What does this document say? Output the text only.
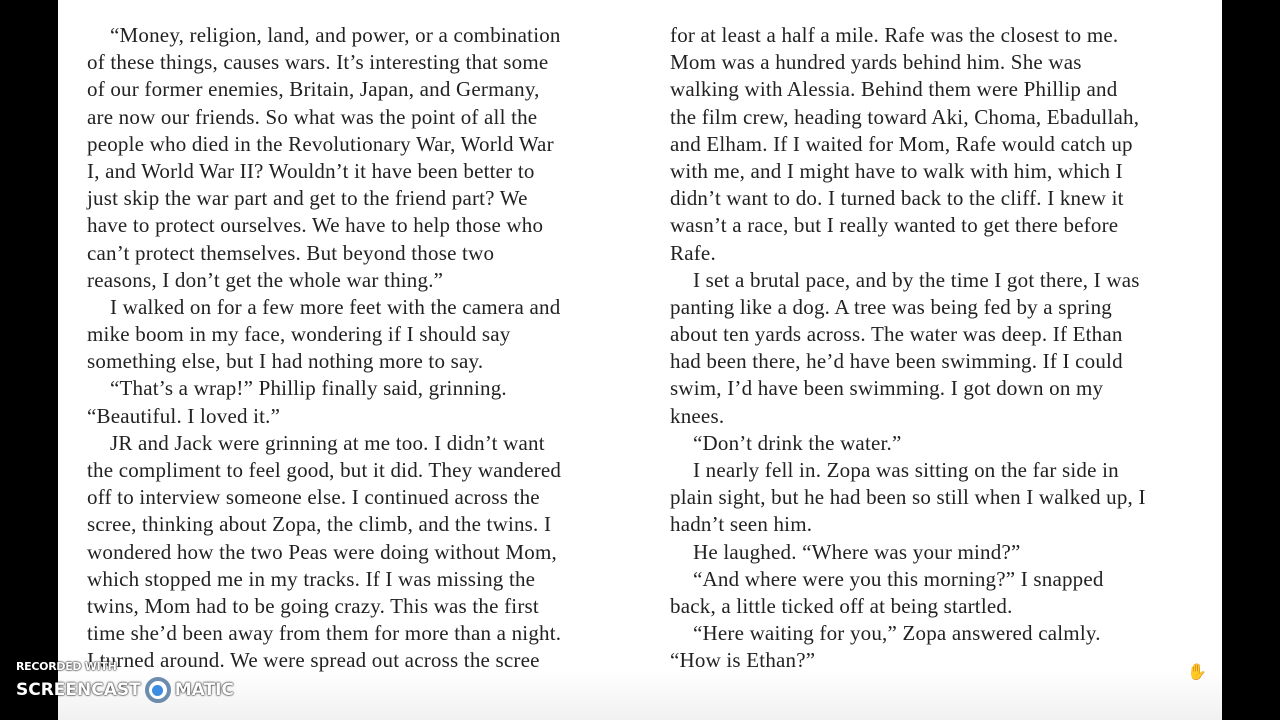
“Money, religion, land, and power, or a combination
of these things, causes wars. It’s interesting that some
of our former enemies, Britain, Japan, and Germany,
are now our friends. So what was the point of all the
people who died in the Revolutionary War, World War
I, and World War II? Wouldn’t it have been better to
just skip the war part and get to the friend part? We
have to protect ourselves. We have to help those who
can’t protect themselves. But beyond those two
reasons, I don’t get the whole war thing.”
I walked on for a few more feet with the camera and
mike boom in my face, wondering if I should say
something else, but I had nothing more to say.
“That’s a wrap!” Phillip finally said, grinning.
“Beautiful. I loved it.”
JR and Jack were grinning at me too. I didn’t want
the compliment to feel good, but it did. They wandered
off to interview someone else. I continued across the
scree, thinking about Zopa, the climb, and the twins. I
wondered how the two Peas were doing without Mom,
which stopped me in my tracks. If I was missing the
twins, Mom had to be going crazy. This was the first
time she’d been away from them for more than a night.
I turned around. We were spread out across the scree
for at least a half a mile. Rafe was the closest to me.
Mom was a hundred yards behind him. She was
walking with Alessia. Behind them were Phillip and
the film crew, heading toward Aki, Choma, Ebadullah,
and Elham. If I waited for Mom, Rafe would catch up
with me, and I might have to walk with him, which I
didn’t want to do. I turned back to the cliff. I knew it
wasn’t a race, but I really wanted to get there before
Rafe.
I set a brutal pace, and by the time I got there, I was
panting like a dog. A tree was being fed by a spring
about ten yards across. The water was deep. If Ethan
had been there, he’d have been swimming. If I could
swim, I’d have been swimming. I got down on my
knees.
“Don’t drink the water.”
I nearly fell in. Zopa was sitting on the far side in
plain sight, but he had been so still when I walked up, I
hadn’t seen him.
He laughed. “Where was your mind?”
“And where were you this morning?” I snapped
back, a little ticked off at being startled.
“Here waiting for you,” Zopa answered calmly.
“How is Ethan?”
RECORDED WITH
SCREENCAST MATIC
✋
